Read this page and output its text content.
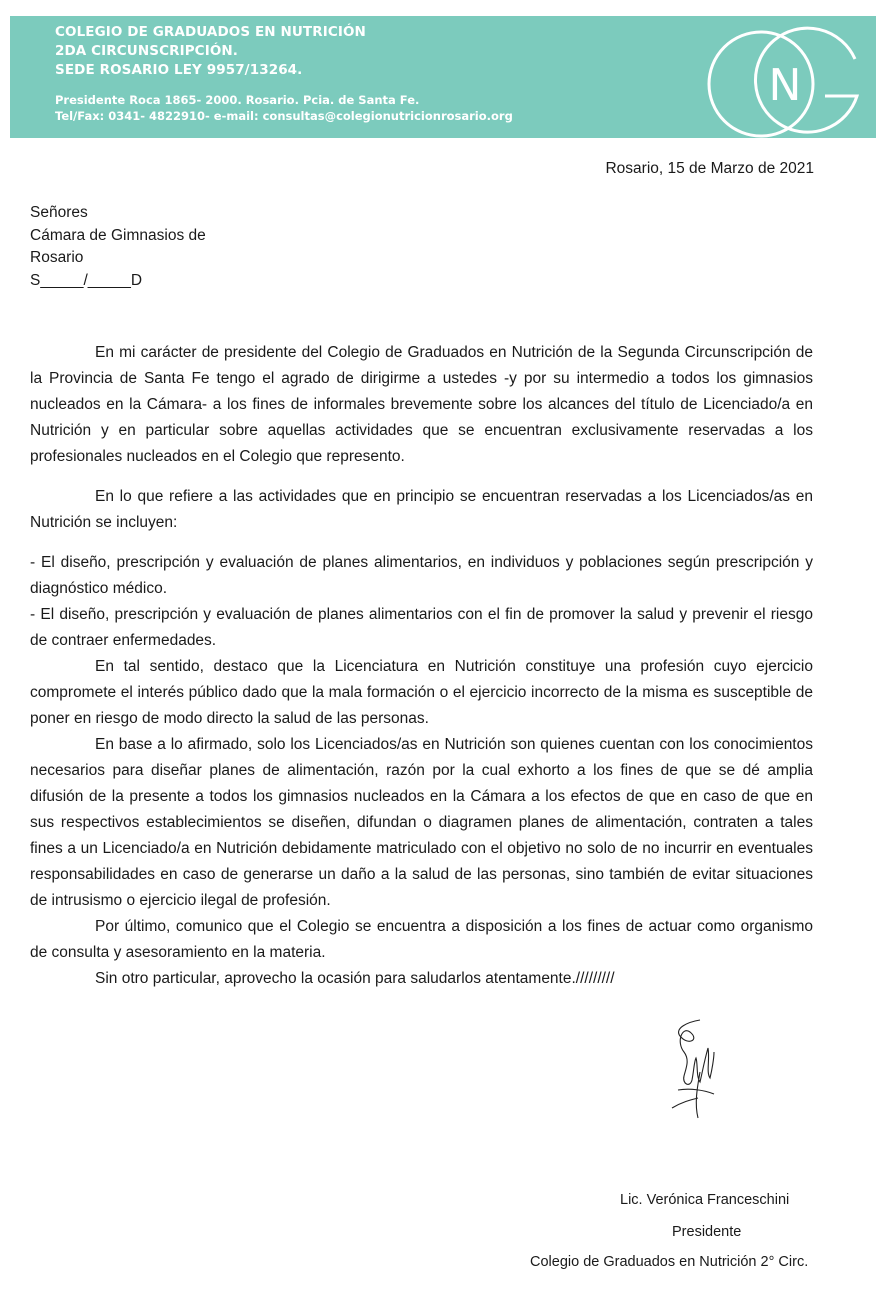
COLEGIO DE GRADUADOS EN NUTRICIÓN
2DA CIRCUNSCRIPCIÓN.
SEDE ROSARIO LEY 9957/13264.
Presidente Roca 1865- 2000. Rosario. Pcia. de Santa Fe.
Tel/Fax: 0341- 4822910- e-mail: consultas@colegionutricionrosario.org
N
Rosario, 15 de Marzo de 2021
Señores
Cámara de Gimnasios de
Rosario
S_____/_____D

En mi carácter de presidente del Colegio de Graduados en Nutrición de la Segunda Circunscripción de la Provincia de Santa Fe tengo el agrado de dirigirme a ustedes -y por su intermedio a todos los gimnasios nucleados en la Cámara- a los fines de informales brevemente sobre los alcances del título de Licenciado/a en Nutrición y en particular sobre aquellas actividades que se encuentran exclusivamente reservadas a los profesionales nucleados en el Colegio que represento.

En lo que refiere a las actividades que en principio se encuentran reservadas a los Licenciados/as en Nutrición se incluyen:

- El diseño, prescripción y evaluación de planes alimentarios, en individuos y poblaciones según prescripción y diagnóstico médico.

- El diseño, prescripción y evaluación de planes alimentarios con el fin de promover la salud y prevenir el riesgo de contraer enfermedades.

En tal sentido, destaco que la Licenciatura en Nutrición constituye una profesión cuyo ejercicio compromete el interés público dado que la mala formación o el ejercicio incorrecto de la misma es susceptible de poner en riesgo de modo directo la salud de las personas.

En base a lo afirmado, solo los Licenciados/as en Nutrición son quienes cuentan con los conocimientos necesarios para diseñar planes de alimentación, razón por la cual exhorto a los fines de que se dé amplia difusión de la presente a todos los gimnasios nucleados en la Cámara a los efectos de que en caso de que en sus respectivos establecimientos se diseñen, difundan o diagramen planes de alimentación, contraten a tales fines a un Licenciado/a en Nutrición debidamente matriculado con el objetivo no solo de no incurrir en eventuales responsabilidades en caso de generarse un daño a la salud de las personas, sino también de evitar situaciones de intrusismo o ejercicio ilegal de profesión.

Por último, comunico que el Colegio se encuentra a disposición a los fines de actuar como organismo de consulta y asesoramiento en la materia.

Sin otro particular, aprovecho la ocasión para saludarlos atentamente./////////

Lic. Verónica Franceschini
Presidente
Colegio de Graduados en Nutrición 2° Circ.
